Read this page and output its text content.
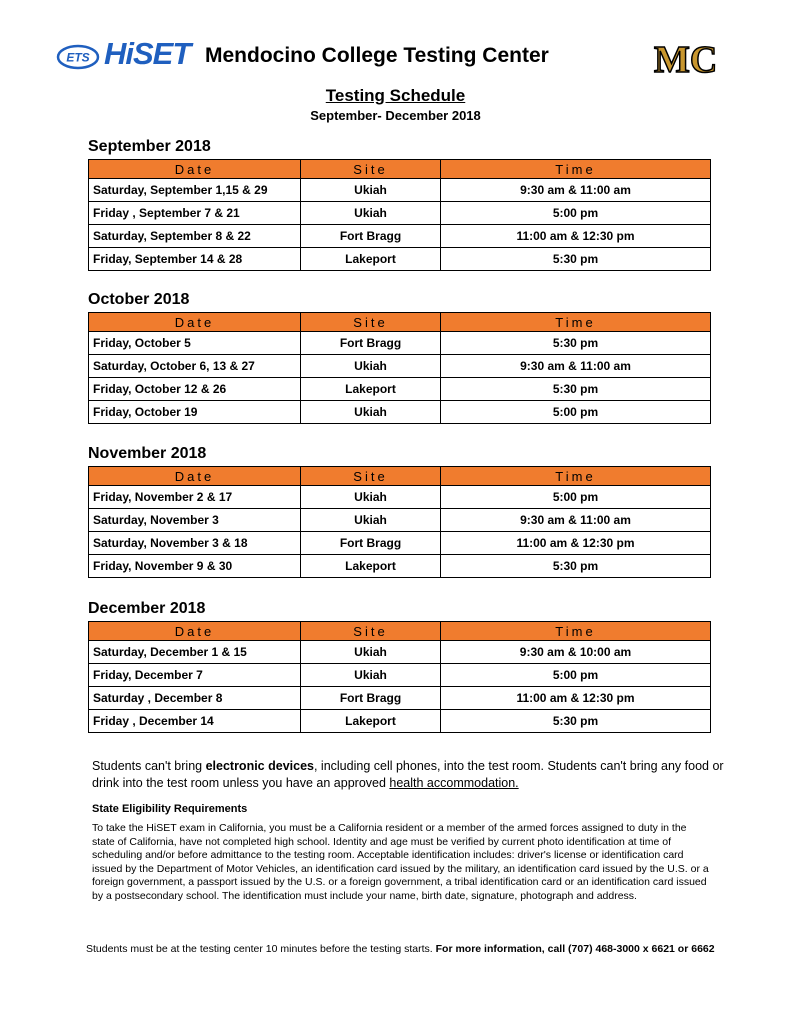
ETS HiSET Mendocino College Testing Center	MC
Testing Schedule
September- December 2018
September 2018
Date	Site	Time
Saturday, September 1,15 & 29	Ukiah	9:30 am & 11:00 am
Friday , September 7 & 21	Ukiah	5:00 pm
Saturday, September 8 & 22	Fort Bragg	11:00 am & 12:30 pm
Friday, September 14 & 28	Lakeport	5:30 pm
October 2018
Date	Site	Time
Friday, October 5	Fort Bragg	5:30 pm
Saturday, October 6, 13 & 27	Ukiah	9:30 am & 11:00 am
Friday, October 12 & 26	Lakeport	5:30 pm
Friday, October 19	Ukiah	5:00 pm
November 2018
Date	Site	Time
Friday, November 2 & 17	Ukiah	5:00 pm
Saturday, November 3	Ukiah	9:30 am & 11:00 am
Saturday, November 3 & 18	Fort Bragg	11:00 am & 12:30 pm
Friday, November 9 & 30	Lakeport	5:30 pm
December 2018
Date	Site	Time
Saturday, December 1 & 15	Ukiah	9:30 am & 10:00 am
Friday, December 7	Ukiah	5:00 pm
Saturday , December 8	Fort Bragg	11:00 am & 12:30 pm
Friday , December 14	Lakeport	5:30 pm
Students can't bring electronic devices, including cell phones, into the test room. Students can't bring any food or drink into the test room unless you have an approved health accommodation.
State Eligibility Requirements
To take the HiSET exam in California, you must be a California resident or a member of the armed forces assigned to duty in the state of California, have not completed high school. Identity and age must be verified by current photo identification at time of scheduling and/or before admittance to the testing room. Acceptable identification includes: driver's license or identification card issued by the Department of Motor Vehicles, an identification card issued by the military, an identification card issued by the U.S. or a foreign government, a passport issued by the U.S. or a foreign government, a tribal identification card or an identification card issued by a postsecondary school. The identification must include your name, birth date, signature, photograph and address.
Students must be at the testing center 10 minutes before the testing starts. For more information, call (707) 468-3000 x 6621 or 6662
